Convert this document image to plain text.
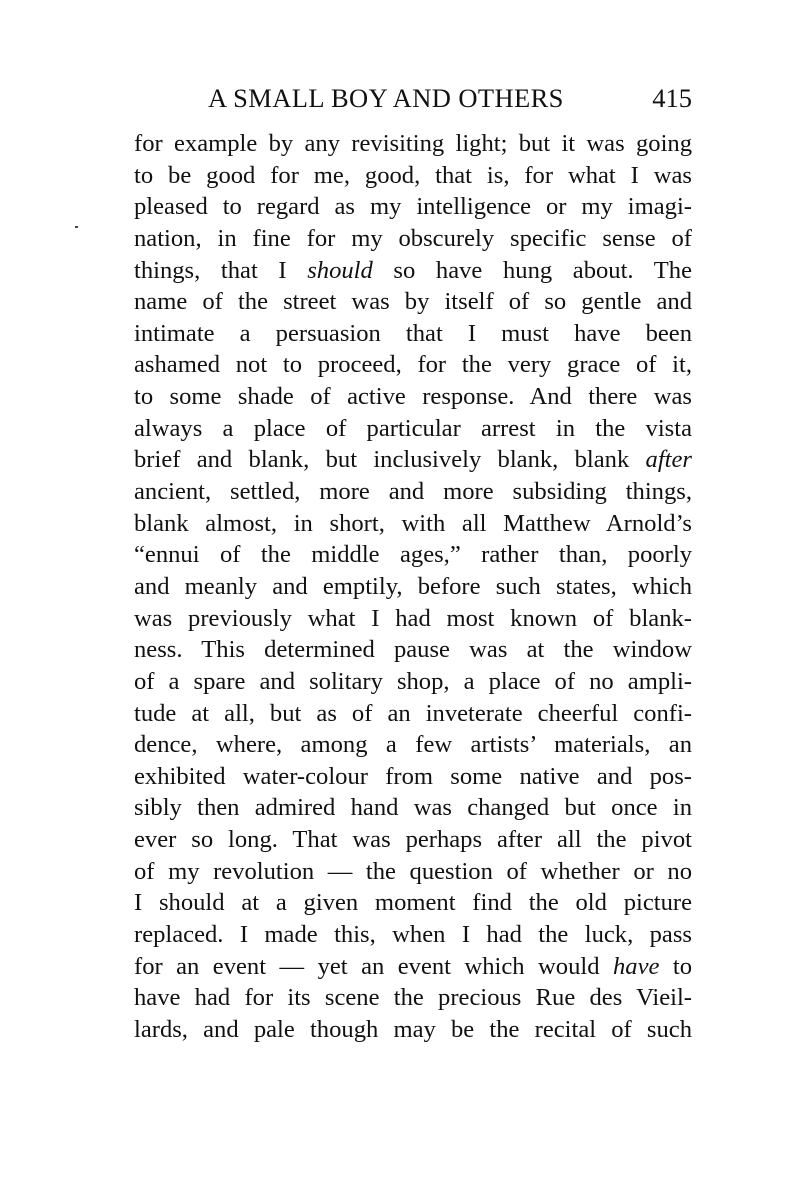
A SMALL BOY AND OTHERS	415
for example by any revisiting light; but it was going
to be good for me, good, that is, for what I was
pleased to regard as my intelligence or my imagi-
nation, in fine for my obscurely specific sense of
things, that I should so have hung about. The
name of the street was by itself of so gentle and
intimate a persuasion that I must have been
ashamed not to proceed, for the very grace of it,
to some shade of active response. And there was
always a place of particular arrest in the vista
brief and blank, but inclusively blank, blank after
ancient, settled, more and more subsiding things,
blank almost, in short, with all Matthew Arnold’s
“ennui of the middle ages,” rather than, poorly
and meanly and emptily, before such states, which
was previously what I had most known of blank-
ness. This determined pause was at the window
of a spare and solitary shop, a place of no ampli-
tude at all, but as of an inveterate cheerful confi-
dence, where, among a few artists’ materials, an
exhibited water-colour from some native and pos-
sibly then admired hand was changed but once in
ever so long. That was perhaps after all the pivot
of my revolution — the question of whether or no
I should at a given moment find the old picture
replaced. I made this, when I had the luck, pass
for an event — yet an event which would have to
have had for its scene the precious Rue des Vieil-
lards, and pale though may be the recital of such
